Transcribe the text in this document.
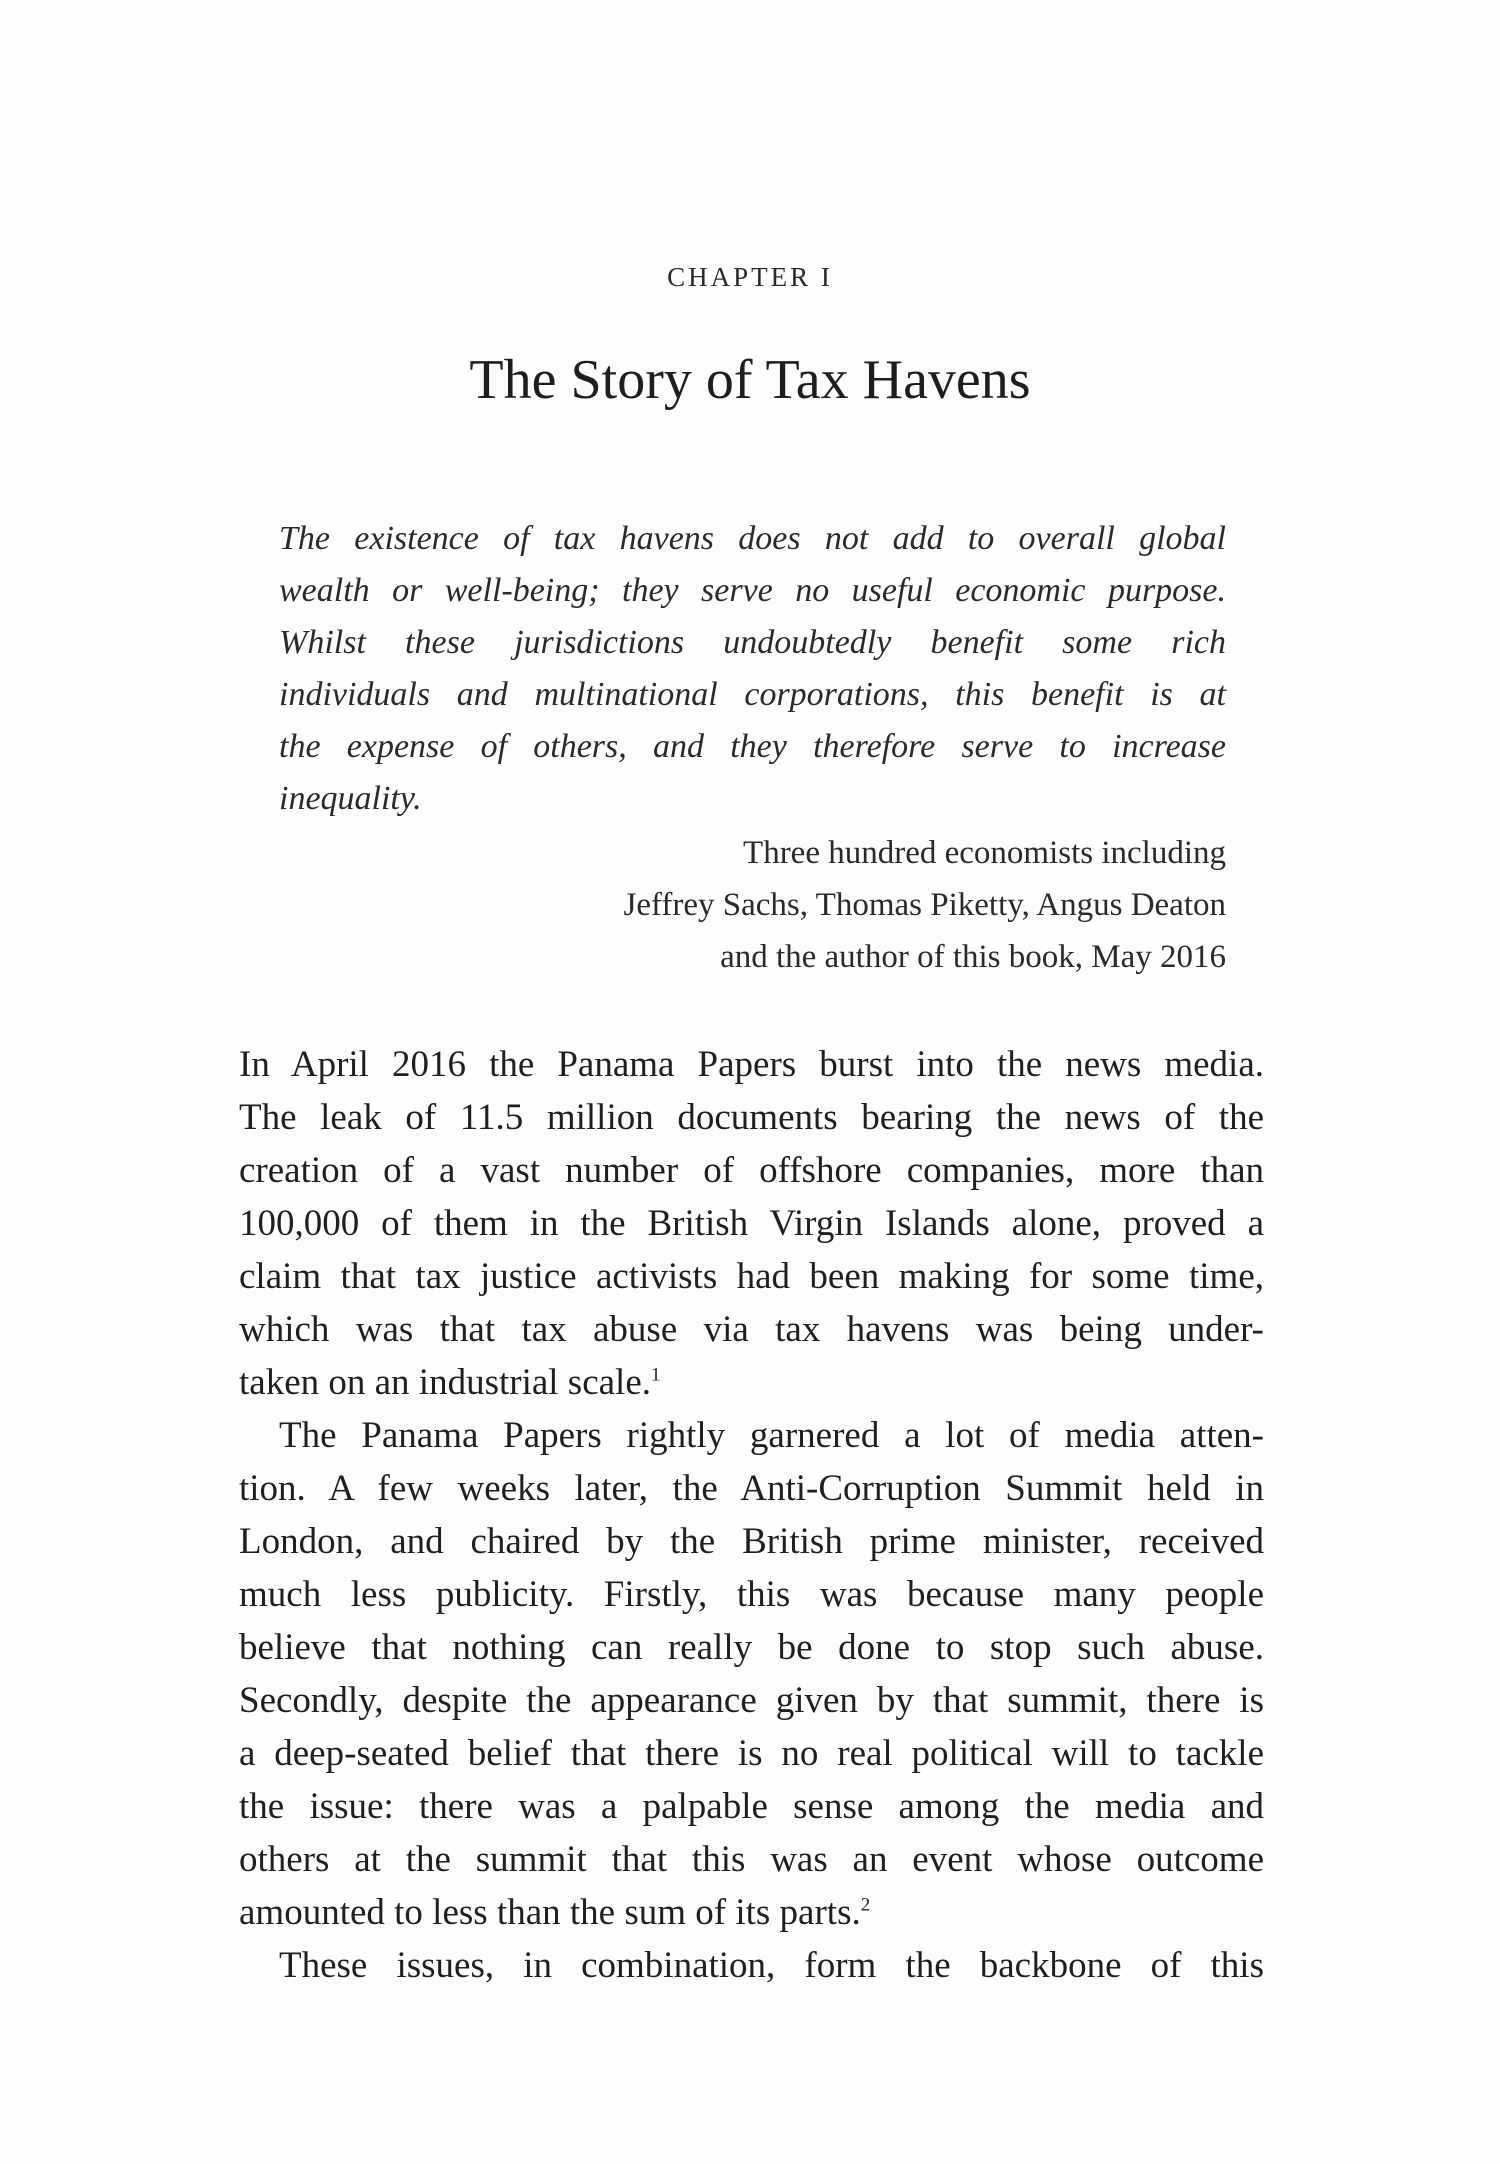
CHAPTER I
The Story of Tax Havens
The existence of tax havens does not add to overall global
wealth or well-being; they serve no useful economic purpose.
Whilst these jurisdictions undoubtedly benefit some rich
individuals and multinational corporations, this benefit is at
the expense of others, and they therefore serve to increase
inequality.
Three hundred economists including
Jeffrey Sachs, Thomas Piketty, Angus Deaton
and the author of this book, May 2016
In April 2016 the Panama Papers burst into the news media.
The leak of 11.5 million documents bearing the news of the
creation of a vast number of offshore companies, more than
100,000 of them in the British Virgin Islands alone, proved a
claim that tax justice activists had been making for some time,
which was that tax abuse via tax havens was being under-
taken on an industrial scale.$^1$
The Panama Papers rightly garnered a lot of media atten-
tion. A few weeks later, the Anti-Corruption Summit held in
London, and chaired by the British prime minister, received
much less publicity. Firstly, this was because many people
believe that nothing can really be done to stop such abuse.
Secondly, despite the appearance given by that summit, there is
a deep-seated belief that there is no real political will to tackle
the issue: there was a palpable sense among the media and
others at the summit that this was an event whose outcome
amounted to less than the sum of its parts.$^2$
These issues, in combination, form the backbone of this
